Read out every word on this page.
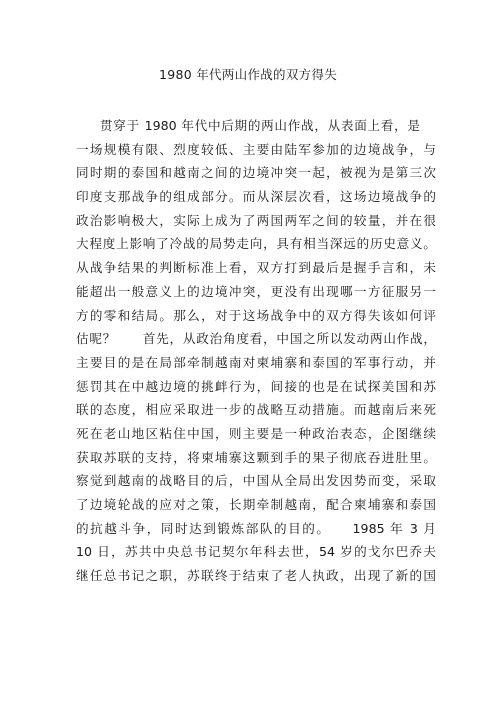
1980 年代两山作战的双方得失
贯穿于 1980 年代中后期的两山作战，从表面上看，是
一场规模有限、烈度较低、主要由陆军参加的边境战争，与
同时期的泰国和越南之间的边境冲突一起，被视为是第三次
印度支那战争的组成部分。而从深层次看，这场边境战争的
政治影响极大，实际上成为了两国两军之间的较量，并在很
大程度上影响了冷战的局势走向，具有相当深远的历史意义。
从战争结果的判断标准上看，双方打到最后是握手言和，未
能超出一般意义上的边境冲突，更没有出现哪一方征服另一
方的零和结局。那么，对于这场战争中的双方得失该如何评
估呢？　　首先，从政治角度看，中国之所以发动两山作战，
主要目的是在局部牵制越南对柬埔寨和泰国的军事行动，并
惩罚其在中越边境的挑衅行为，间接的也是在试探美国和苏
联的态度，相应采取进一步的战略互动措施。而越南后来死
死在老山地区粘住中国，则主要是一种政治表态，企图继续
获取苏联的支持，将柬埔寨这颗到手的果子彻底吞进肚里。
察觉到越南的战略目的后，中国从全局出发因势而变，采取
了边境轮战的应对之策，长期牵制越南，配合柬埔寨和泰国
的抗越斗争，同时达到锻炼部队的目的。　　1985 年 3 月
10 日，苏共中央总书记契尔年科去世，54 岁的戈尔巴乔夫
继任总书记之职，苏联终于结束了老人执政，出现了新的国
